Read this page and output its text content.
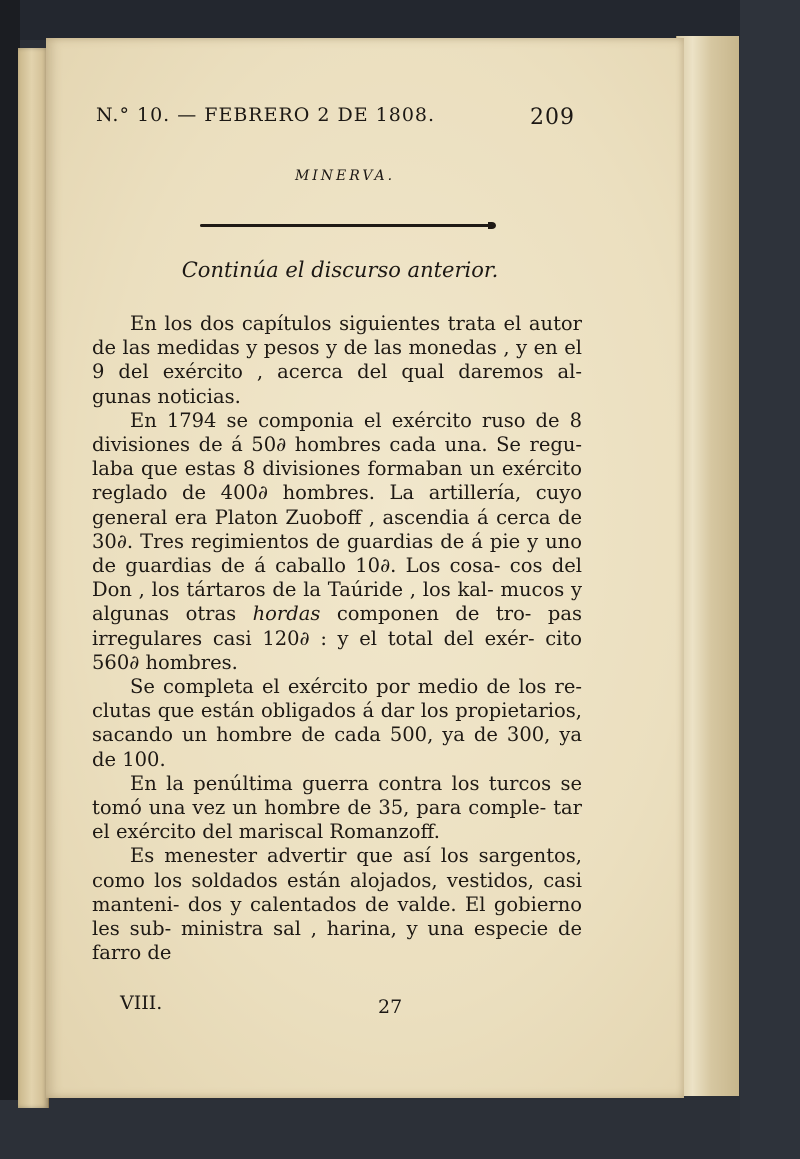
N.° 10. — FEBRERO 2 DE 1808.	209
MINERVA.
Continúa el discurso anterior.

En los dos capítulos siguientes trata el autor de las medidas y pesos y de las monedas , y en el 9 del exército , acerca del qual daremos al- gunas noticias.

En 1794 se componia el exército ruso de 8 divisiones de á 50∂ hombres cada una. Se regu- laba que estas 8 divisiones formaban un exército reglado de 400∂ hombres. La artillería, cuyo general era Platon Zuoboff , ascendia á cerca de 30∂. Tres regimientos de guardias de á pie y uno de guardias de á caballo 10∂. Los cosa- cos del Don , los tártaros de la Taúride , los kal- mucos y algunas otras hordas componen de tro- pas irregulares casi 120∂ : y el total del exér- cito 560∂ hombres.

Se completa el exército por medio de los re- clutas que están obligados á dar los propietarios, sacando un hombre de cada 500, ya de 300, ya de 100.

En la penúltima guerra contra los turcos se tomó una vez un hombre de 35, para comple- tar el exército del mariscal Romanzoff.

Es menester advertir que así los sargentos, como los soldados están alojados, vestidos, casi manteni- dos y calentados de valde. El gobierno les sub- ministra sal , harina, y una especie de farro de

VIII.	27
